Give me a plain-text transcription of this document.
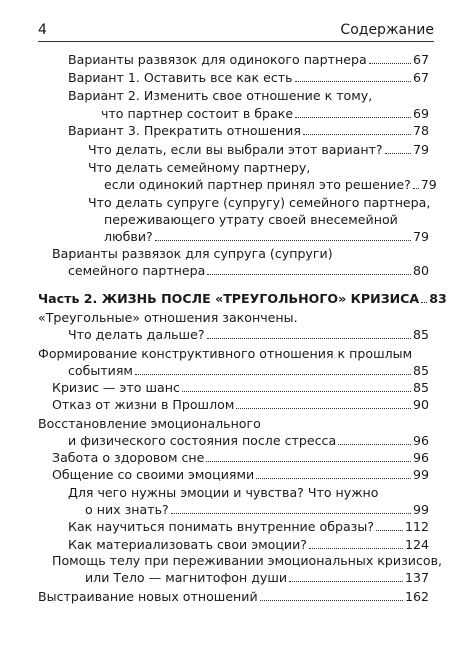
4	Содержание
Варианты развязок для одинокого партнера	67
Вариант 1. Оставить все как есть	67
Вариант 2. Изменить свое отношение к тому,
что партнер состоит в браке	69
Вариант 3. Прекратить отношения	78
Что делать, если вы выбрали этот вариант? 79
Что делать семейному партнеру,
если одинокий партнер принял это решение? 79
Что делать супруге (супругу) семейного партнера,
переживающего утрату своей внесемейной
любви?	79
Варианты развязок для супруга (супруги)
семейного партнера	80
Часть 2. ЖИЗНЬ ПОСЛЕ «ТРЕУГОЛЬНОГО» КРИЗИСА 83
«Треугольные» отношения закончены.
Что делать дальше?	85
Формирование конструктивного отношения к прошлым
событиям	85
Кризис — это шанс	85
Отказ от жизни в Прошлом	90
Восстановление эмоционального
и физического состояния после стресса	96
Забота о здоровом сне	96
Общение со своими эмоциями	99
Для чего нужны эмоции и чувства? Что нужно
о них знать?	99
Как научиться понимать внутренние образы? 112
Как материализовать свои эмоции?	124
Помощь телу при переживании эмоциональных кризисов,
или Тело — магнитофон души	137
Выстраивание новых отношений	162
